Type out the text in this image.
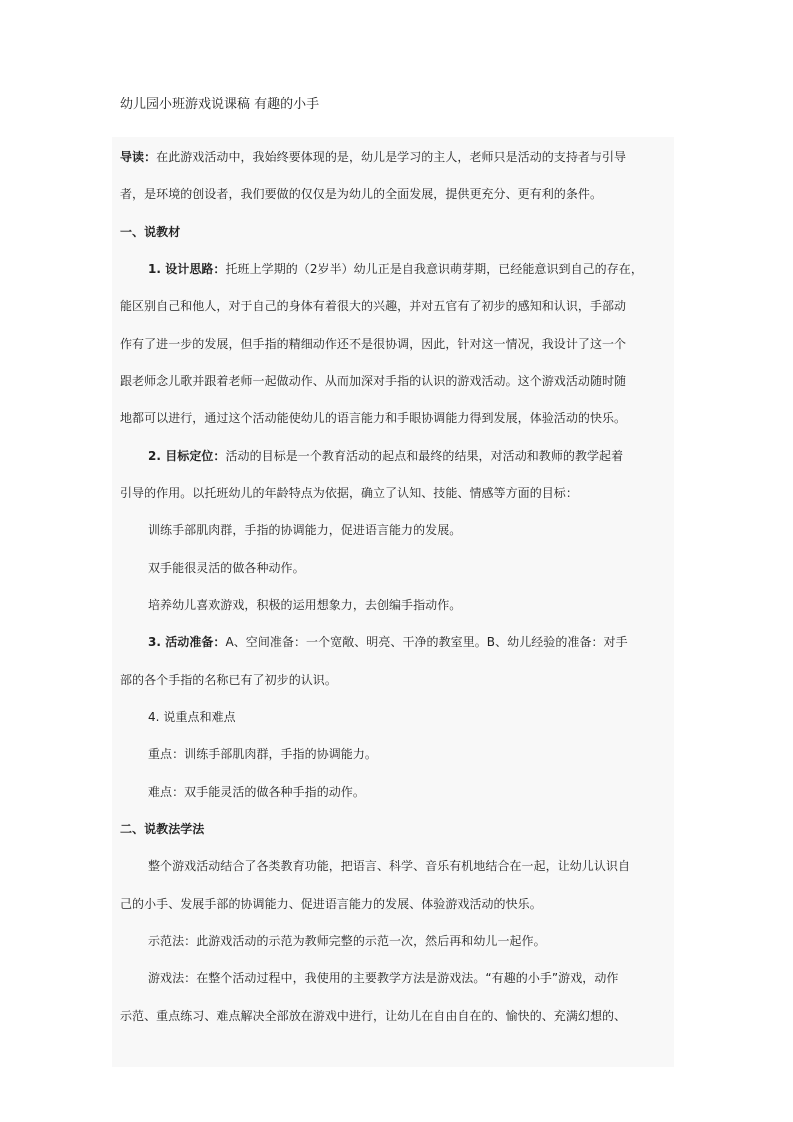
幼儿园小班游戏说课稿 有趣的小手
导读：在此游戏活动中，我始终要体现的是，幼儿是学习的主人，老师只是活动的支持者与引导
者，是环境的创设者，我们要做的仅仅是为幼儿的全面发展，提供更充分、更有利的条件。
一、说教材
1. 设计思路：托班上学期的（2岁半）幼儿正是自我意识萌芽期，已经能意识到自己的存在，
能区别自己和他人，对于自己的身体有着很大的兴趣，并对五官有了初步的感知和认识，手部动
作有了进一步的发展，但手指的精细动作还不是很协调，因此，针对这一情况，我设计了这一个
跟老师念儿歌并跟着老师一起做动作、从而加深对手指的认识的游戏活动。这个游戏活动随时随
地都可以进行，通过这个活动能使幼儿的语言能力和手眼协调能力得到发展，体验活动的快乐。
2. 目标定位：活动的目标是一个教育活动的起点和最终的结果，对活动和教师的教学起着
引导的作用。以托班幼儿的年龄特点为依据，确立了认知、技能、情感等方面的目标：
训练手部肌肉群，手指的协调能力，促进语言能力的发展。
双手能很灵活的做各种动作。
培养幼儿喜欢游戏，积极的运用想象力，去创编手指动作。
3. 活动准备：A、空间准备：一个宽敞、明亮、干净的教室里。B、幼儿经验的准备：对手
部的各个手指的名称已有了初步的认识。
4. 说重点和难点
重点：训练手部肌肉群，手指的协调能力。
难点：双手能灵活的做各种手指的动作。
二、说教法学法
整个游戏活动结合了各类教育功能，把语言、科学、音乐有机地结合在一起，让幼儿认识自
己的小手、发展手部的协调能力、促进语言能力的发展、体验游戏活动的快乐。
示范法：此游戏活动的示范为教师完整的示范一次，然后再和幼儿一起作。
游戏法：在整个活动过程中，我使用的主要教学方法是游戏法。“有趣的小手”游戏，动作
示范、重点练习、难点解决全部放在游戏中进行，让幼儿在自由自在的、愉快的、充满幻想的、
